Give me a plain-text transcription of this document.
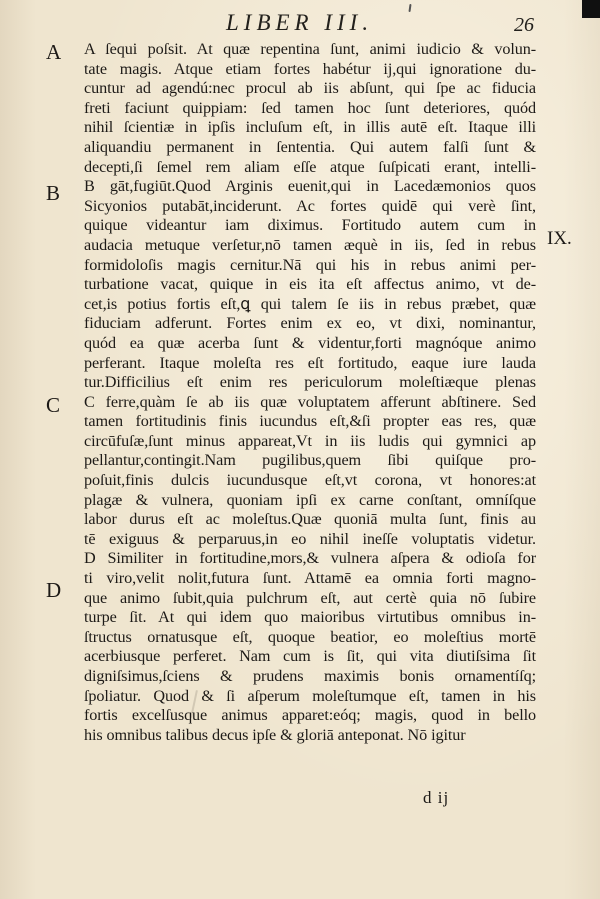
LIBER III.	26
A ſequi poſsit. At quæ repentina ſunt, animi iudicio & volun-
tate magis. Atque etiam fortes habétur ij,qui ignoratione du-
cuntur ad agendú:nec procul ab iis abſunt, qui ſpe ac fiducia
freti faciunt quippiam: ſed tamen hoc ſunt deteriores, quód
nihil ſcientiæ in ipſis incluſum eſt, in illis autē eſt. Itaque illi
aliquandiu permanent in ſententia. Qui autem falſi ſunt &
decepti,ſi ſemel rem aliam eſſe atque ſuſpicati erant, intelli-
B gāt,fugiūt.Quod Arginis euenit,qui in Lacedæmonios quos
Sicyonios putabāt,inciderunt. Ac fortes quidē qui verè ſint,
quique videantur iam diximus. Fortitudo autem cum in
audacia metuque verſetur,nō tamen æquè in iis, ſed in rebus
formidoloſis magis cernitur.Nā qui his in rebus animi per-
turbatione vacat, quique in eis ita eſt affectus animo, vt de-
cet,is potius fortis eſt,ꝗ qui talem ſe iis in rebus præbet, quæ
fiduciam adferunt. Fortes enim ex eo, vt dixi, nominantur,
quód ea quæ acerba ſunt & videntur,forti magnóque animo
perferant. Itaque moleſta res eſt fortitudo, eaque iure lauda
tur.Difficilius eſt enim res periculorum moleſtiæque plenas
C ferre,quàm ſe ab iis quæ voluptatem afferunt abſtinere. Sed
tamen fortitudinis finis iucundus eſt,&ſi propter eas res, quæ
circūfuſæ,ſunt minus appareat,Vt in iis ludis qui gymnici ap
pellantur,contingit.Nam pugilibus,quem ſibi quiſque pro-
poſuit,finis dulcis iucundusque eſt,vt corona, vt honores:at
plagæ & vulnera, quoniam ipſi ex carne conſtant, omníſque
labor durus eſt ac moleſtus.Quæ quoniā multa ſunt, finis au
tē exiguus & perparuus,in eo nihil ineſſe voluptatis videtur.
D Similiter in fortitudine,mors,& vulnera aſpera & odioſa for
ti viro,velit nolit,futura ſunt. Attamē ea omnia forti magno-
que animo ſubit,quia pulchrum eſt, aut certè quia nō ſubire
turpe ſit. At qui idem quo maioribus virtutibus omnibus in-
ſtructus ornatusque eſt, quoque beatior, eo moleſtius mortē
acerbiusque perferet. Nam cum is ſit, qui vita diutiſsima ſit
digniſsimus,ſciens & prudens maximis bonis ornamentíſq;
ſpoliatur. Quod & ſi aſperum moleſtumque eſt, tamen in his
fortis excelſusque animus apparet:eóq; magis, quod in bello
his omnibus talibus decus ipſe & gloriā anteponat. Nō igitur
A
B
C
D
IX.
d ij
